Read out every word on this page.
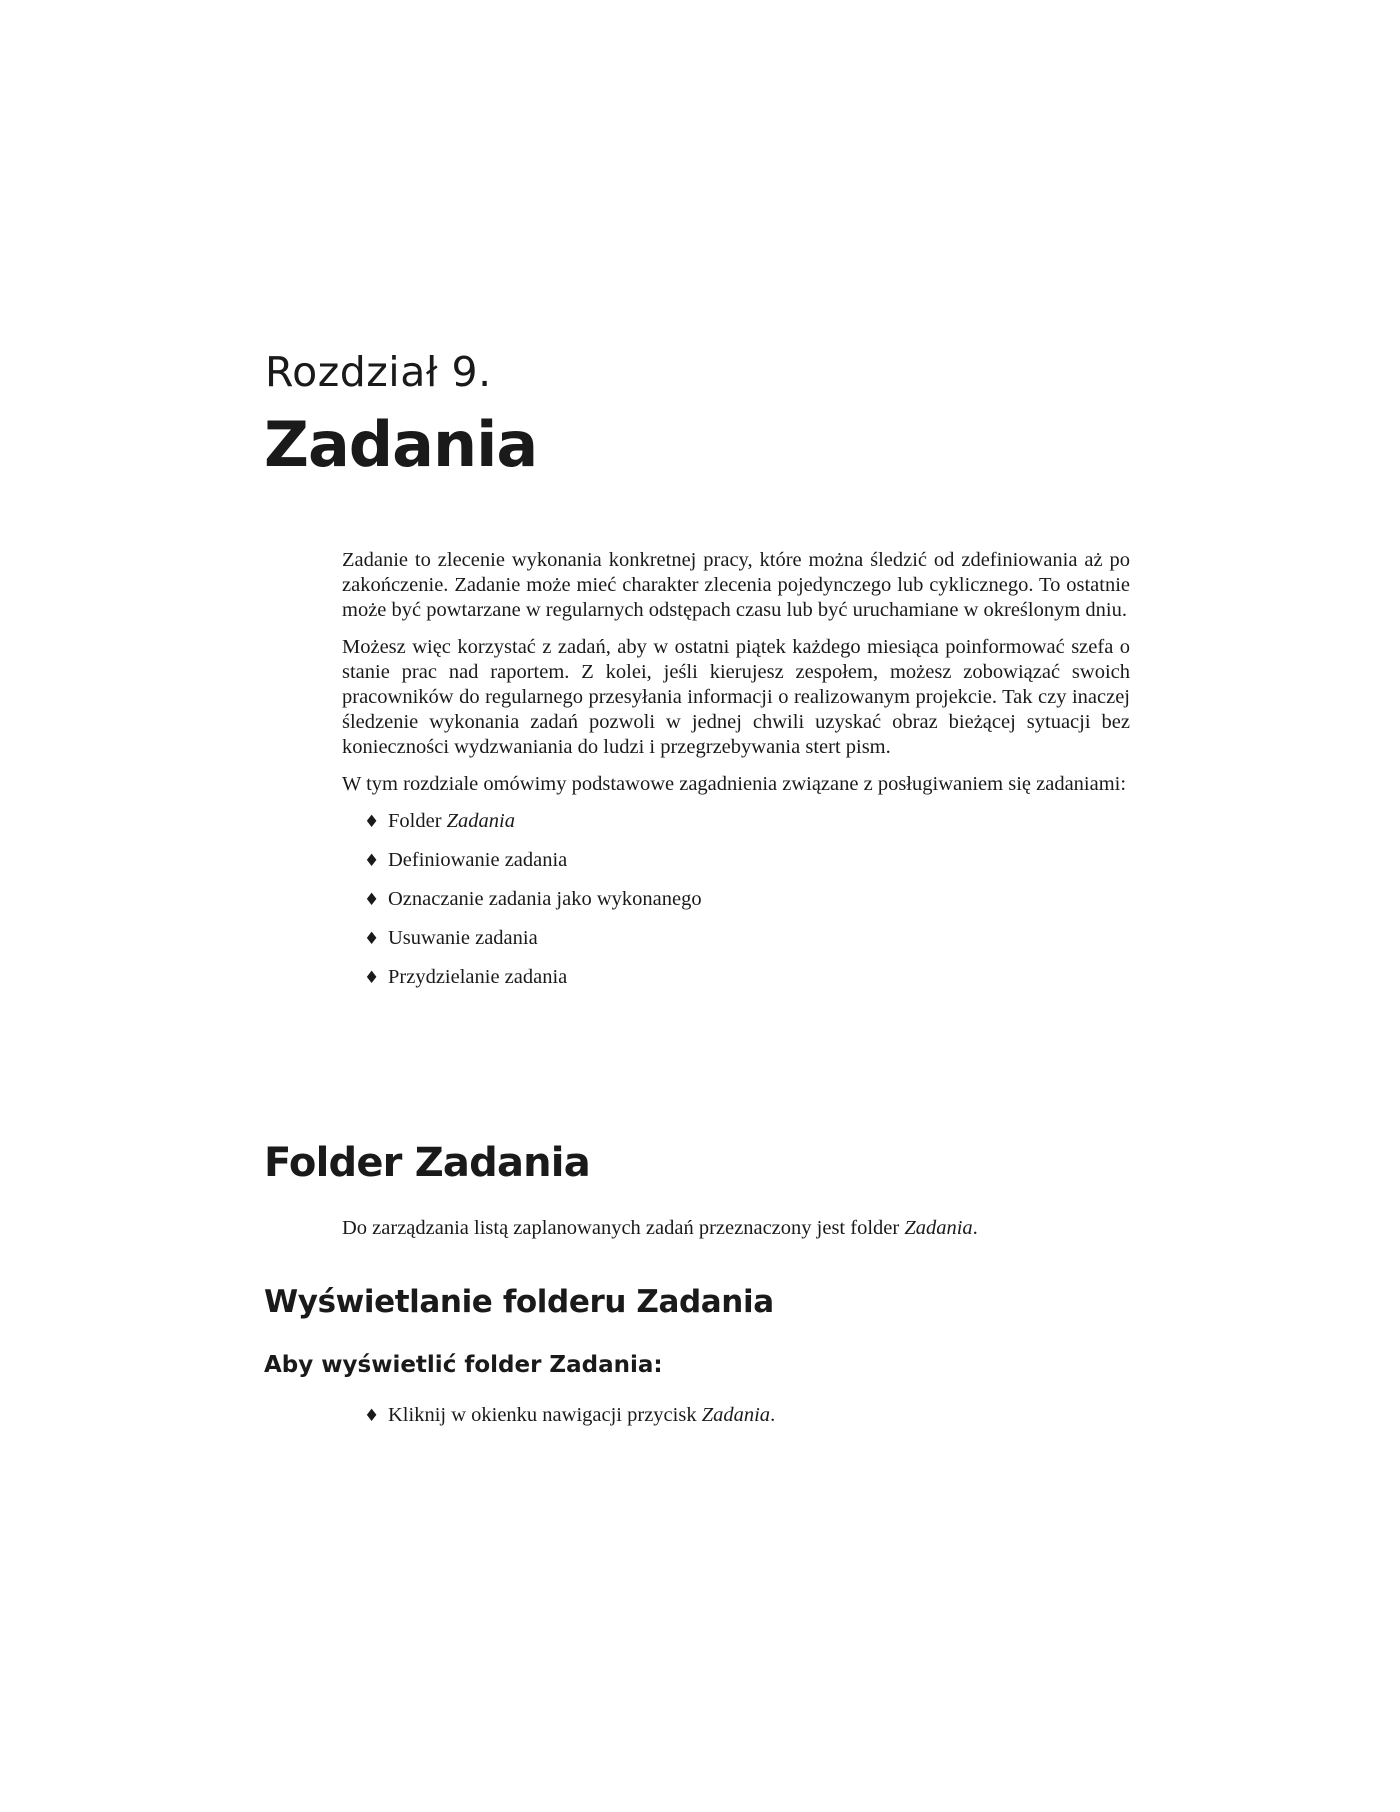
Rozdział 9.
Zadania

Zadanie to zlecenie wykonania konkretnej pracy, które można śledzić od zdefiniowania aż po zakończenie. Zadanie może mieć charakter zlecenia pojedynczego lub cyklicznego. To ostatnie może być powtarzane w regularnych odstępach czasu lub być uruchamiane w określonym dniu.

Możesz więc korzystać z zadań, aby w ostatni piątek każdego miesiąca poinformować szefa o stanie prac nad raportem. Z kolei, jeśli kierujesz zespołem, możesz zobowiązać swoich pracowników do regularnego przesyłania informacji o realizowanym projekcie. Tak czy inaczej śledzenie wykonania zadań pozwoli w jednej chwili uzyskać obraz bieżącej sytuacji bez konieczności wydzwaniania do ludzi i przegrzebywania stert pism.

W tym rozdziale omówimy podstawowe zagadnienia związane z posługiwaniem się zadaniami:

♦ Folder Zadania
♦ Definiowanie zadania
♦ Oznaczanie zadania jako wykonanego
♦ Usuwanie zadania
♦ Przydzielanie zadania
Folder Zadania

Do zarządzania listą zaplanowanych zadań przeznaczony jest folder Zadania.

Wyświetlanie folderu Zadania
Aby wyświetlić folder Zadania:
♦ Kliknij w okienku nawigacji przycisk Zadania.
